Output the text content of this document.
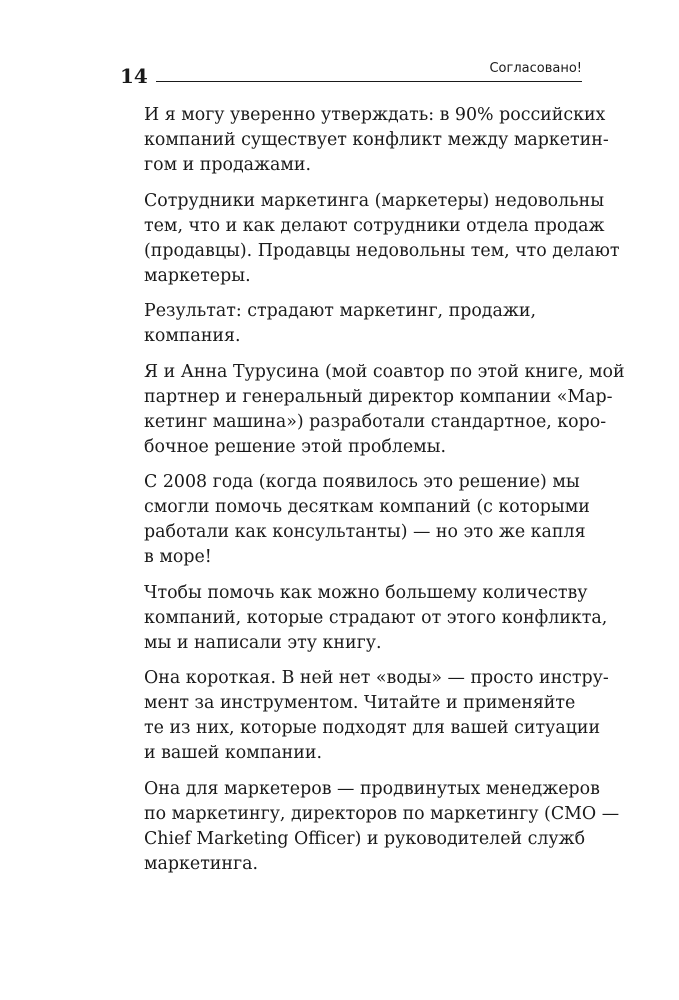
14	Согласовано!

И я могу уверенно утверждать: в 90% российских
компаний существует конфликт между маркетин-
гом и продажами.

Сотрудники маркетинга (маркетеры) недовольны
тем, что и как делают сотрудники отдела продаж
(продавцы). Продавцы недовольны тем, что делают
маркетеры.

Результат: страдают маркетинг, продажи,
компания.

Я и Анна Турусина (мой соавтор по этой книге, мой
партнер и генеральный директор компании «Мар-
кетинг машина») разработали стандартное, коро-
бочное решение этой проблемы.

С 2008 года (когда появилось это решение) мы
смогли помочь десяткам компаний (с которыми
работали как консультанты) — но это же капля
в море!

Чтобы помочь как можно большему количеству
компаний, которые страдают от этого конфликта,
мы и написали эту книгу.

Она короткая. В ней нет «воды» — просто инстру-
мент за инструментом. Читайте и применяйте
те из них, которые подходят для вашей ситуации
и вашей компании.

Она для маркетеров — продвинутых менеджеров
по маркетингу, директоров по маркетингу (CMO —
Chief Marketing Officer) и руководителей служб
маркетинга.
